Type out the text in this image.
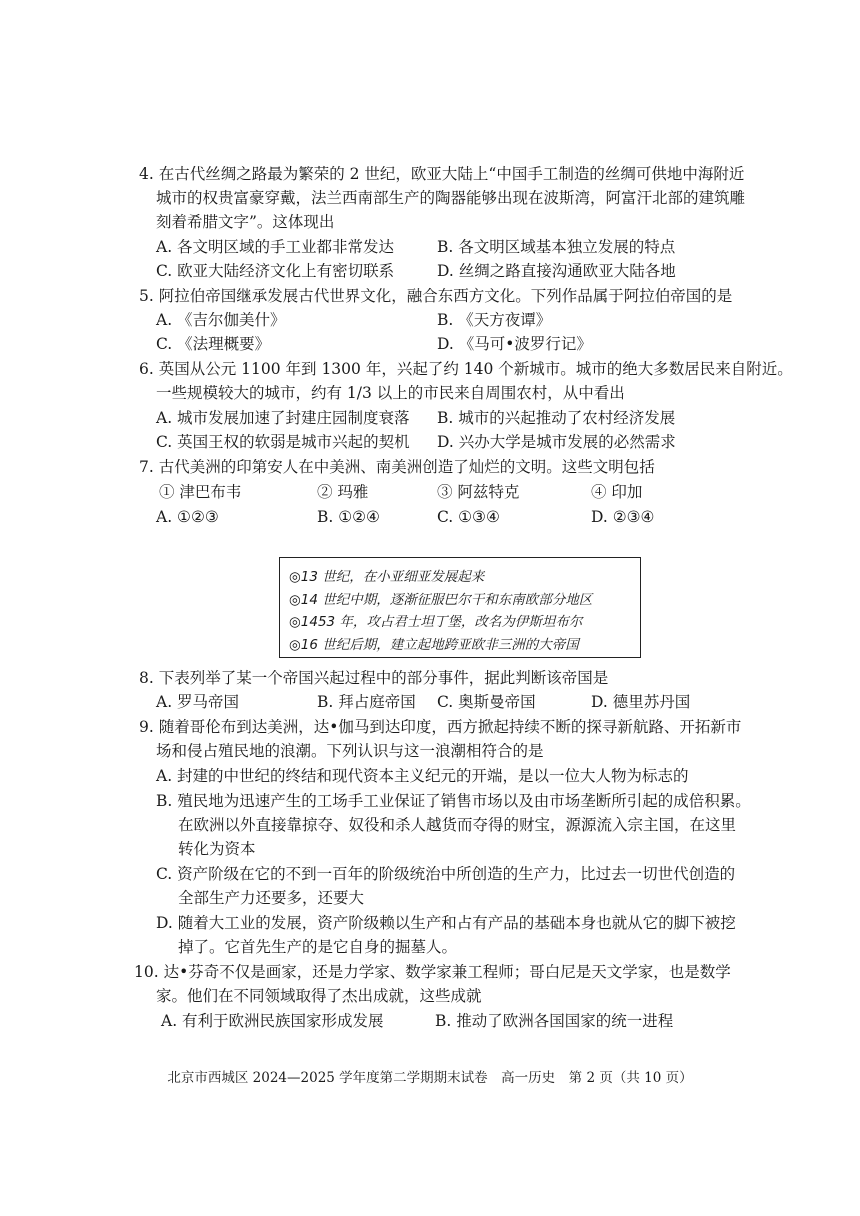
4. 在古代丝绸之路最为繁荣的 2 世纪，欧亚大陆上“中国手工制造的丝绸可供地中海附近
城市的权贵富豪穿戴，法兰西南部生产的陶器能够出现在波斯湾，阿富汗北部的建筑雕
刻着希腊文字”。这体现出
A. 各文明区域的手工业都非常发达	B. 各文明区域基本独立发展的特点
C. 欧亚大陆经济文化上有密切联系	D. 丝绸之路直接沟通欧亚大陆各地
5. 阿拉伯帝国继承发展古代世界文化，融合东西方文化。下列作品属于阿拉伯帝国的是
A. 《吉尔伽美什》	B. 《天方夜谭》
C. 《法理概要》	D. 《马可•波罗行记》
6. 英国从公元 1100 年到 1300 年，兴起了约 140 个新城市。城市的绝大多数居民来自附近。
一些规模较大的城市，约有 1/3 以上的市民来自周围农村，从中看出
A. 城市发展加速了封建庄园制度衰落 B. 城市的兴起推动了农村经济发展
C. 英国王权的软弱是城市兴起的契机 D. 兴办大学是城市发展的必然需求
7. 古代美洲的印第安人在中美洲、南美洲创造了灿烂的文明。这些文明包括
① 津巴布韦	② 玛雅	③ 阿兹特克	④ 印加
A. ①②③	B. ①②④	C. ①③④	D. ②③④
◎13 世纪，在小亚细亚发展起来
◎14 世纪中期，逐渐征服巴尔干和东南欧部分地区
◎1453 年，攻占君士坦丁堡，改名为伊斯坦布尔
◎16 世纪后期，建立起地跨亚欧非三洲的大帝国
8. 下表列举了某一个帝国兴起过程中的部分事件，据此判断该帝国是
A. 罗马帝国	B. 拜占庭帝国 C. 奥斯曼帝国	D. 德里苏丹国
9. 随着哥伦布到达美洲，达•伽马到达印度，西方掀起持续不断的探寻新航路、开拓新市
场和侵占殖民地的浪潮。下列认识与这一浪潮相符合的是
A. 封建的中世纪的终结和现代资本主义纪元的开端，是以一位大人物为标志的
B. 殖民地为迅速产生的工场手工业保证了销售市场以及由市场垄断所引起的成倍积累。
在欧洲以外直接靠掠夺、奴役和杀人越货而夺得的财宝，源源流入宗主国，在这里
转化为资本
C. 资产阶级在它的不到一百年的阶级统治中所创造的生产力，比过去一切世代创造的
全部生产力还要多，还要大
D. 随着大工业的发展，资产阶级赖以生产和占有产品的基础本身也就从它的脚下被挖
掉了。它首先生产的是它自身的掘墓人。
10. 达•芬奇不仅是画家，还是力学家、数学家兼工程师；哥白尼是天文学家，也是数学
家。他们在不同领域取得了杰出成就，这些成就
A. 有利于欧洲民族国家形成发展	B. 推动了欧洲各国国家的统一进程
北京市西城区 2024—2025 学年度第二学期期末试卷　高一历史　第 2 页（共 10 页）
